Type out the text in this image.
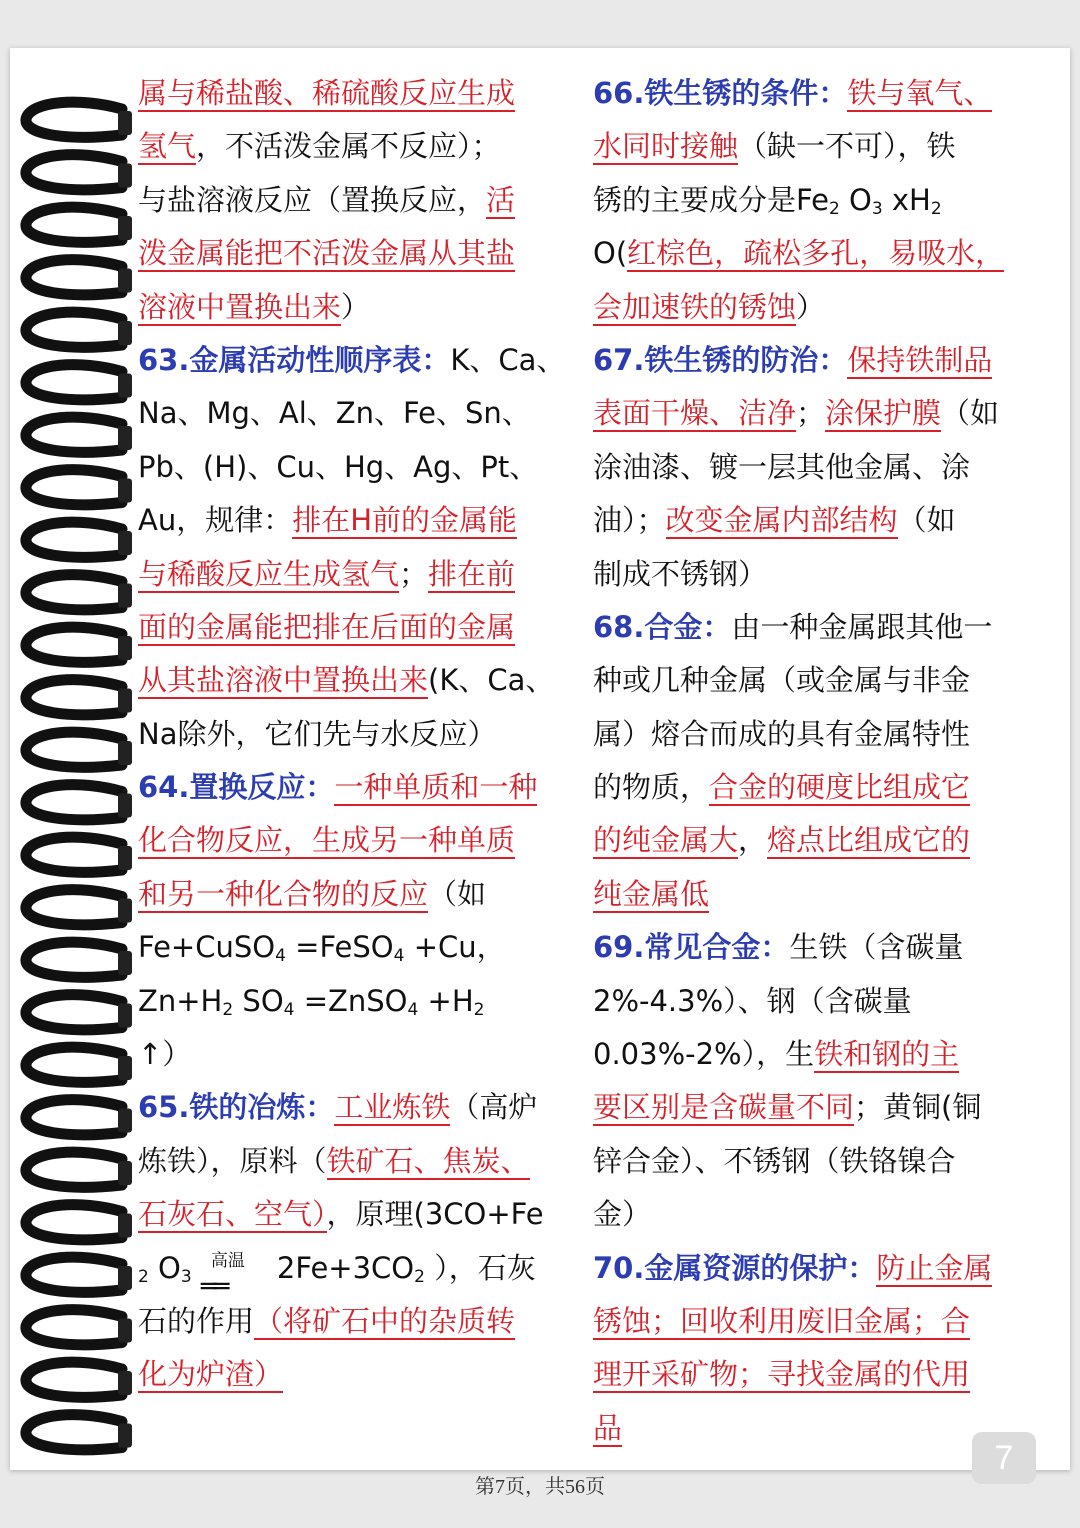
属与稀盐酸、稀硫酸反应生成
氢气，不活泼金属不反应）；
与盐溶液反应（置换反应，活
泼金属能把不活泼金属从其盐
溶液中置换出来）
63.金属活动性顺序表：K、Ca、
Na、Mg、Al、Zn、Fe、Sn、
Pb、(H)、Cu、Hg、Ag、Pt、
Au，规律：排在H前的金属能
与稀酸反应生成氢气；排在前
面的金属能把排在后面的金属
从其盐溶液中置换出来(K、Ca、
Na除外，它们先与水反应）
64.置换反应：一种单质和一种
化合物反应，生成另一种单质
和另一种化合物的反应（如
Fe+CuSO$_4$ =FeSO$_4$ +Cu，
$Zn+H_2$ $SO_4$ =ZnSO$_4$ $+H_2$
↑）
65.铁的冶炼：工业炼铁（高炉
炼铁），原料（铁矿石、焦炭、
石灰石、空气），原理(3CO+Fe
$_2$ $O_3$
高温
══
$2Fe+3CO_2$ ），石灰
石的作用（将矿石中的杂质转
化为炉渣）
66.铁生锈的条件：铁与氧气、
水同时接触（缺一不可），铁
锈的主要成分是$Fe_2$ $O_3$ $xH_2$
O(红棕色，疏松多孔，易吸水，
会加速铁的锈蚀）
67.铁生锈的防治：保持铁制品
表面干燥、洁净；涂保护膜（如
涂油漆、镀一层其他金属、涂
油）；改变金属内部结构（如
制成不锈钢）
68.合金：由一种金属跟其他一
种或几种金属（或金属与非金
属）熔合而成的具有金属特性
的物质，合金的硬度比组成它
的纯金属大，熔点比组成它的
纯金属低
69.常见合金：生铁（含碳量
2%-4.3%）、钢（含碳量
0.03%-2%），生铁和钢的主
要区别是含碳量不同；黄铜(铜
锌合金）、不锈钢（铁铬镍合
金）
70.金属资源的保护：防止金属
锈蚀；回收利用废旧金属；合
理开采矿物；寻找金属的代用
品
7
第7页，共56页
